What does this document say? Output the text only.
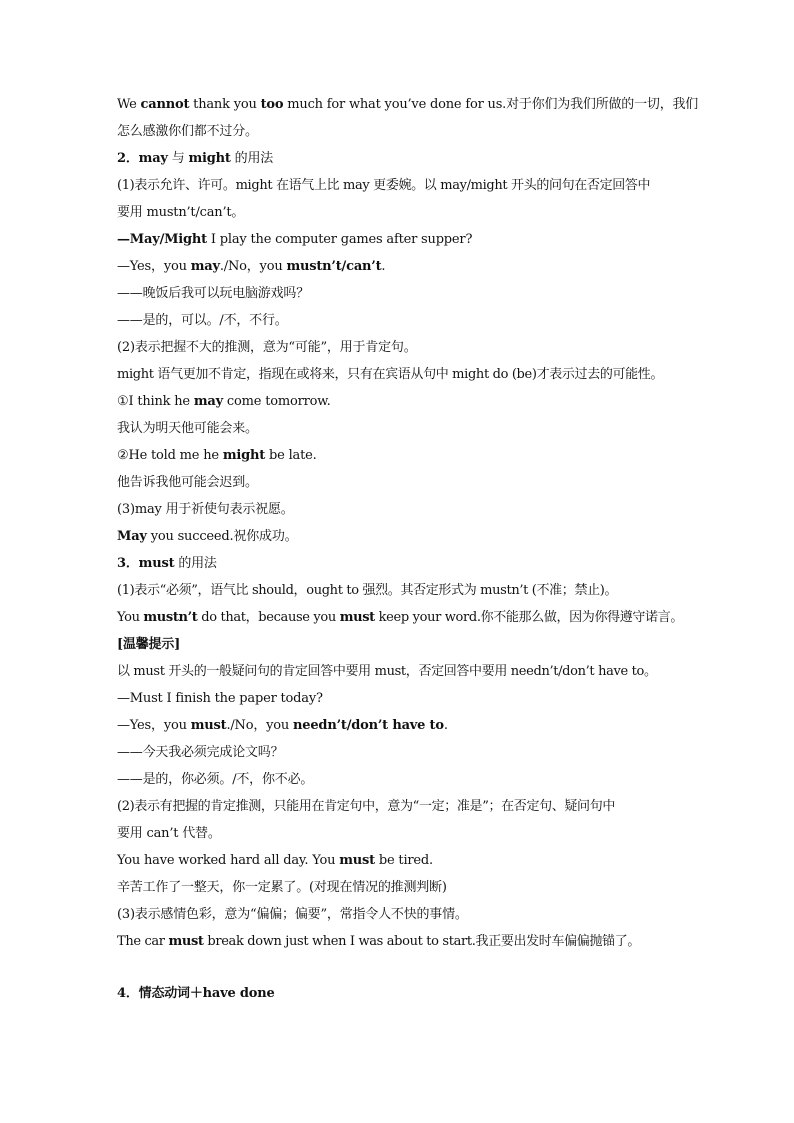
We cannot thank you too much for what you’ve done for us.对于你们为我们所做的一切，我们
怎么感激你们都不过分。
2．may 与 might 的用法
(1)表示允许、许可。might 在语气上比 may 更委婉。以 may/might 开头的问句在否定回答中
要用 mustn’t/can’t。
—May/Might I play the computer games after supper?
—Yes，you may./No，you mustn’t/can’t.
——晚饭后我可以玩电脑游戏吗？
——是的，可以。/不，不行。
(2)表示把握不大的推测，意为“可能”，用于肯定句。
might 语气更加不肯定，指现在或将来，只有在宾语从句中 might do (be)才表示过去的可能性。
①I think he may come tomorrow.
我认为明天他可能会来。
②He told me he might be late.
他告诉我他可能会迟到。
(3)may 用于祈使句表示祝愿。
May you succeed.祝你成功。
3．must 的用法
(1)表示“必须”，语气比 should，ought to 强烈。其否定形式为 mustn’t (不准；禁止)。
You mustn’t do that，because you must keep your word.你不能那么做，因为你得遵守诺言。
[温馨提示]
以 must 开头的一般疑问句的肯定回答中要用 must，否定回答中要用 needn’t/don’t have to。
—Must I finish the paper today?
—Yes，you must./No，you needn’t/don’t have to.
——今天我必须完成论文吗？
——是的，你必须。/不，你不必。
(2)表示有把握的肯定推测，只能用在肯定句中，意为“一定；准是”；在否定句、疑问句中
要用 can’t 代替。
You have worked hard all day. You must be tired.
辛苦工作了一整天，你一定累了。(对现在情况的推测判断)
(3)表示感情色彩，意为“偏偏；偏要”，常指令人不快的事情。
The car must break down just when I was about to start.我正要出发时车偏偏抛锚了。
4．情态动词＋have done
